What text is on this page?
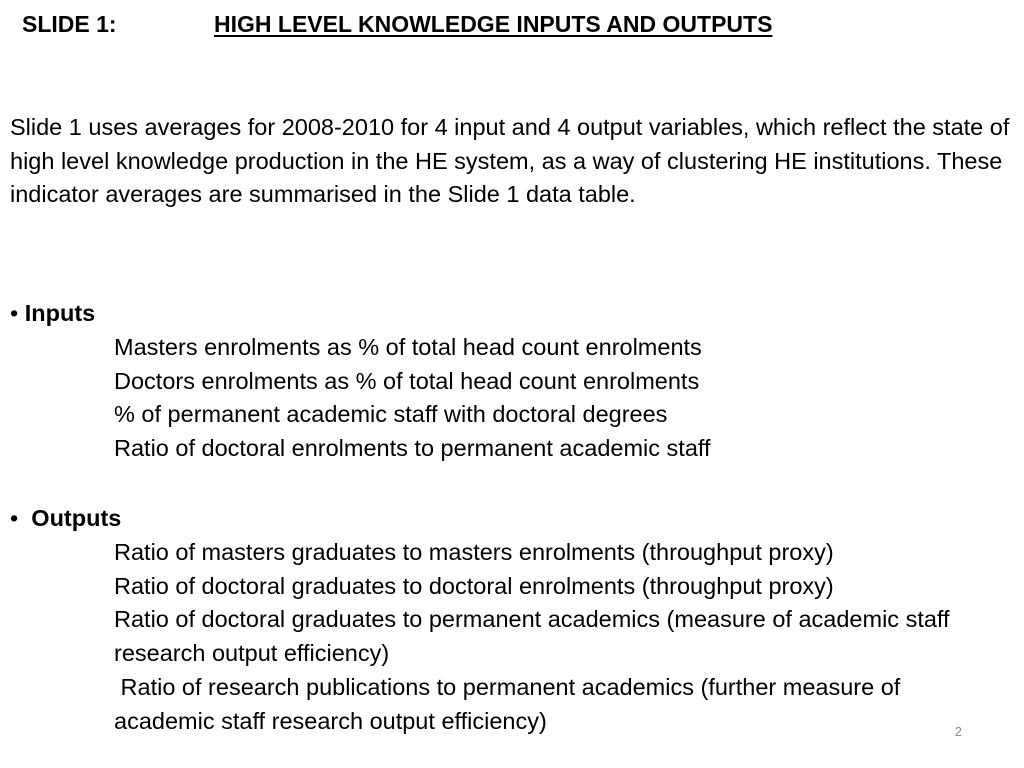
SLIDE 1:	HIGH LEVEL KNOWLEDGE INPUTS AND OUTPUTS
Slide 1 uses averages for 2008-2010 for 4 input and 4 output variables, which reflect the state of high level knowledge production in the HE system, as a way of clustering HE institutions. These indicator averages are summarised in the Slide 1 data table.
• Inputs
Masters enrolments as % of total head count enrolments
Doctors enrolments as % of total head count enrolments
% of permanent academic staff with doctoral degrees
Ratio of doctoral enrolments to permanent academic staff
• Outputs
Ratio of masters graduates to masters enrolments (throughput proxy)
Ratio of doctoral graduates to doctoral enrolments (throughput proxy)
Ratio of doctoral graduates to permanent academics (measure of academic staff research output efficiency)
Ratio of research publications to permanent academics (further measure of academic staff research output efficiency)	2
